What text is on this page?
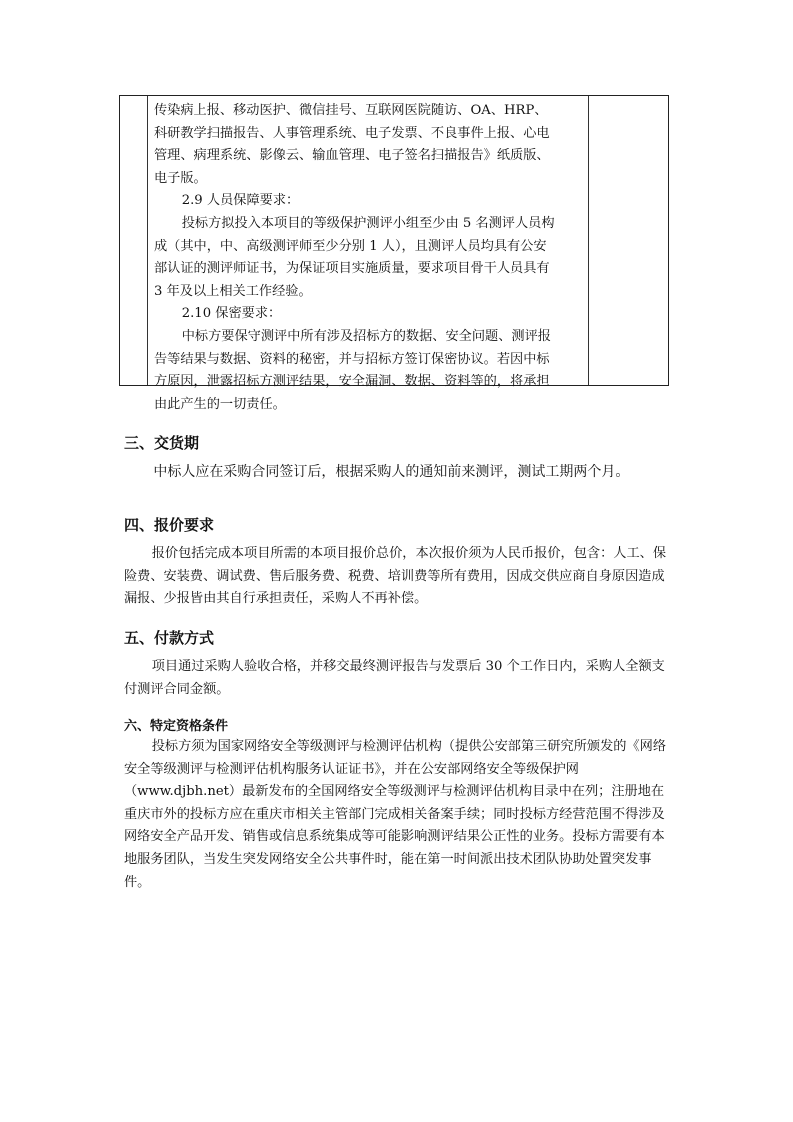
传染病上报、移动医护、微信挂号、互联网医院随访、OA、HRP、科研教学扫描报告、人事管理系统、电子发票、不良事件上报、心电管理、病理系统、影像云、输血管理、电子签名扫描报告》纸质版、电子版。

2.9 人员保障要求：

投标方拟投入本项目的等级保护测评小组至少由 5 名测评人员构成（其中，中、高级测评师至少分别 1 人），且测评人员均具有公安部认证的测评师证书，为保证项目实施质量，要求项目骨干人员具有 3 年及以上相关工作经验。

2.10 保密要求：

中标方要保守测评中所有涉及招标方的数据、安全问题、测评报告等结果与数据、资料的秘密，并与招标方签订保密协议。若因中标方原因，泄露招标方测评结果，安全漏洞、数据、资料等的，将承担由此产生的一切责任。

三、交货期
中标人应在采购合同签订后，根据采购人的通知前来测评，测试工期两个月。
四、报价要求
报价包括完成本项目所需的本项目报价总价，本次报价须为人民币报价，包含：人工、保险费、安装费、调试费、售后服务费、税费、培训费等所有费用，因成交供应商自身原因造成漏报、少报皆由其自行承担责任，采购人不再补偿。
五、付款方式
项目通过采购人验收合格，并移交最终测评报告与发票后 30 个工作日内，采购人全额支付测评合同金额。
六、特定资格条件
投标方须为国家网络安全等级测评与检测评估机构（提供公安部第三研究所颁发的《网络安全等级测评与检测评估机构服务认证证书》，并在公安部网络安全等级保护网（www.djbh.net）最新发布的全国网络安全等级测评与检测评估机构目录中在列；注册地在重庆市外的投标方应在重庆市相关主管部门完成相关备案手续；同时投标方经营范围不得涉及网络安全产品开发、销售或信息系统集成等可能影响测评结果公正性的业务。投标方需要有本地服务团队，当发生突发网络安全公共事件时，能在第一时间派出技术团队协助处置突发事件。
